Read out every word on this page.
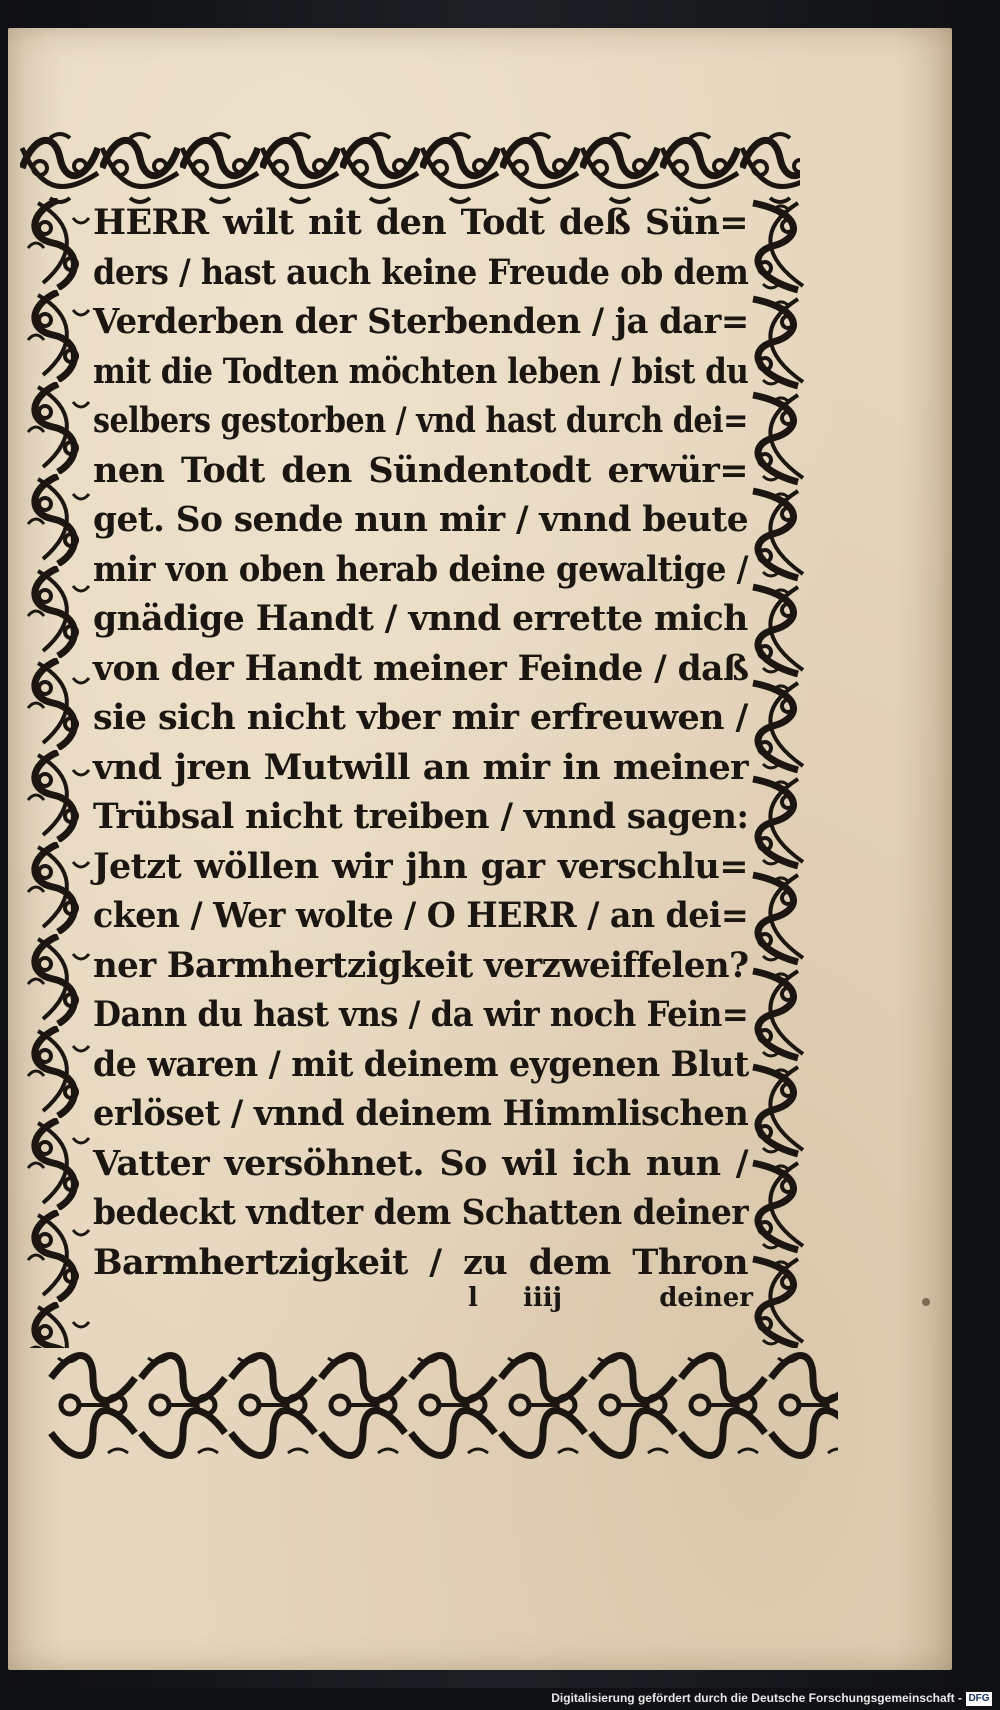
HERR wilt nit den Todt deß Sün=
ders / hast auch keine Freude ob dem
Verderben der Sterbenden / ja dar=
mit die Todten möchten leben / bist du
selbers gestorben / vnd hast durch dei=
nen Todt den Sündentodt erwür=
get. So sende nun mir / vnnd beute
mir von oben herab deine gewaltige /
gnädige Handt / vnnd errette mich
von der Handt meiner Feinde / daß
sie sich nicht vber mir erfreuwen /
vnd jren Mutwill an mir in meiner
Trübsal nicht treiben / vnnd sagen:
Jetzt wöllen wir jhn gar verschlu=
cken / Wer wolte / O HERR / an dei=
ner Barmhertzigkeit verzweiffelen?
Dann du hast vns / da wir noch Fein=
de waren / mit deinem eygenen Blut
erlöset / vnnd deinem Himmlischen
Vatter versöhnet. So wil ich nun /
bedeckt vndter dem Schatten deiner
Barmhertzigkeit / zu dem Thron
l iiij	deiner
Digitalisierung gefördert durch die Deutsche Forschungsgemeinschaft - DFG
